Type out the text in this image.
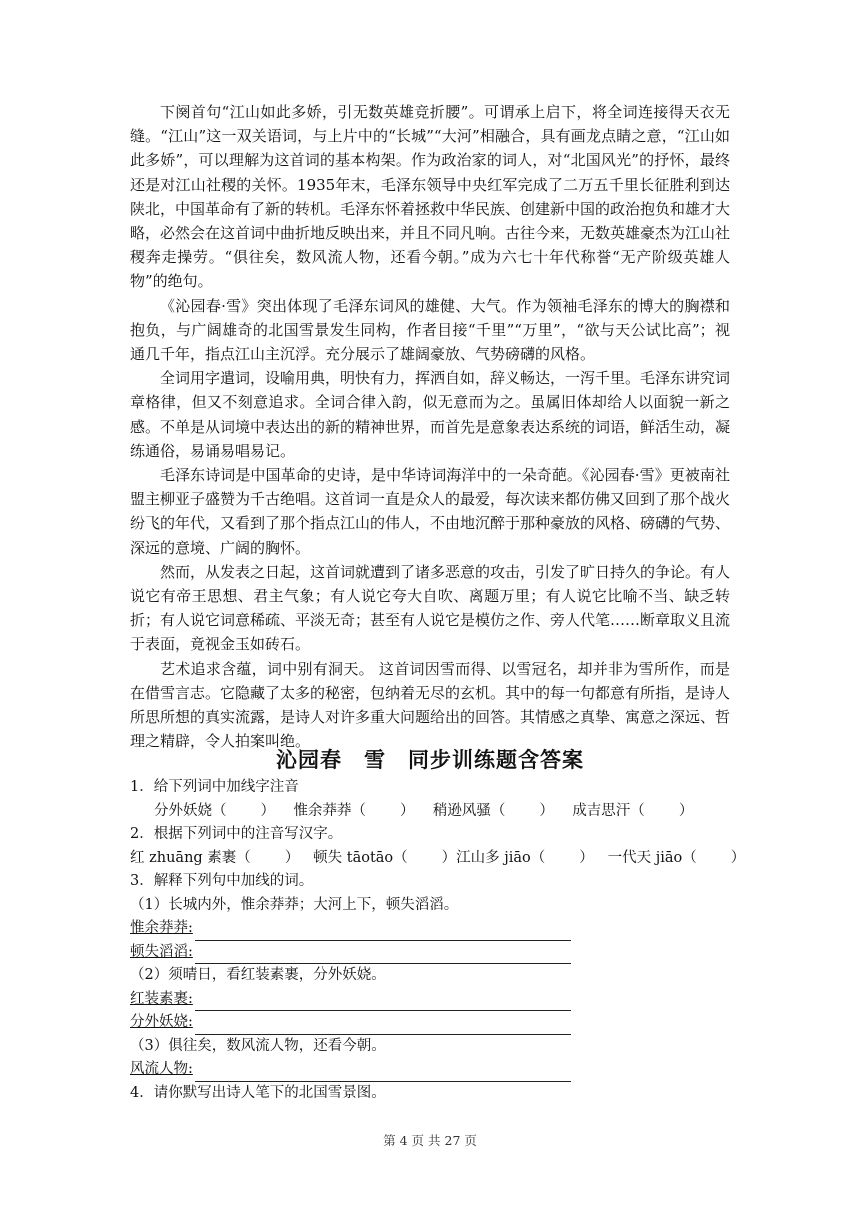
下阕首句“江山如此多娇，引无数英雄竞折腰”。可谓承上启下，将全词连接得天衣无缝。“江山”这一双关语词，与上片中的“长城”“大河”相融合，具有画龙点睛之意，“江山如此多娇”，可以理解为这首词的基本构架。作为政治家的词人，对“北国风光”的抒怀，最终还是对江山社稷的关怀。1935年末，毛泽东领导中央红军完成了二万五千里长征胜利到达陕北，中国革命有了新的转机。毛泽东怀着拯救中华民族、创建新中国的政治抱负和雄才大略，必然会在这首词中曲折地反映出来，并且不同凡响。古往今来，无数英雄豪杰为江山社稷奔走操劳。“俱往矣，数风流人物，还看今朝。”成为六七十年代称誉“无产阶级英雄人物”的绝句。

《沁园春·雪》突出体现了毛泽东词风的雄健、大气。作为领袖毛泽东的博大的胸襟和抱负，与广阔雄奇的北国雪景发生同构，作者目接“千里”“万里”，“欲与天公试比高”；视通几千年，指点江山主沉浮。充分展示了雄阔豪放、气势磅礴的风格。

全词用字遣词，设喻用典，明快有力，挥洒自如，辞义畅达，一泻千里。毛泽东讲究词章格律，但又不刻意追求。全词合律入韵，似无意而为之。虽属旧体却给人以面貌一新之感。不单是从词境中表达出的新的精神世界，而首先是意象表达系统的词语，鲜活生动，凝练通俗，易诵易唱易记。

毛泽东诗词是中国革命的史诗，是中华诗词海洋中的一朵奇葩。《沁园春·雪》更被南社盟主柳亚子盛赞为千古绝唱。这首词一直是众人的最爱，每次读来都仿佛又回到了那个战火纷飞的年代，又看到了那个指点江山的伟人，不由地沉醉于那种豪放的风格、磅礴的气势、深远的意境、广阔的胸怀。

然而，从发表之日起，这首词就遭到了诸多恶意的攻击，引发了旷日持久的争论。有人说它有帝王思想、君主气象；有人说它夸大自吹、离题万里；有人说它比喻不当、缺乏转折；有人说它词意稀疏、平淡无奇；甚至有人说它是模仿之作、旁人代笔……断章取义且流于表面，竟视金玉如砖石。

艺术追求含蕴，词中别有洞天。 这首词因雪而得、以雪冠名，却并非为雪所作，而是在借雪言志。它隐藏了太多的秘密，包纳着无尽的玄机。其中的每一句都意有所指，是诗人所思所想的真实流露，是诗人对许多重大问题给出的回答。其情感之真挚、寓意之深远、哲理之精辟，令人拍案叫绝。

沁园春　雪　同步训练题含答案
1．给下列词中加线字注音
分外妖娆（ ） 惟余莽莽（ ） 稍逊风骚（ ） 成吉思汗（ ）
2．根据下列词中的注音写汉字。
红 zhuāng 素裹（ ） 顿失 tāotāo（ ）江山多 jiāo（ ） 一代天 jiāo（ ）
3．解释下列句中加线的词。
（1）长城内外，惟余莽莽；大河上下，顿失滔滔。
惟余莽莽:
顿失滔滔:
（2）须晴日，看红装素裹，分外妖娆。
红装素裹:
分外妖娆:
（3）俱往矣，数风流人物，还看今朝。
风流人物:
4．请你默写出诗人笔下的北国雪景图。
第 4 页 共 27 页
